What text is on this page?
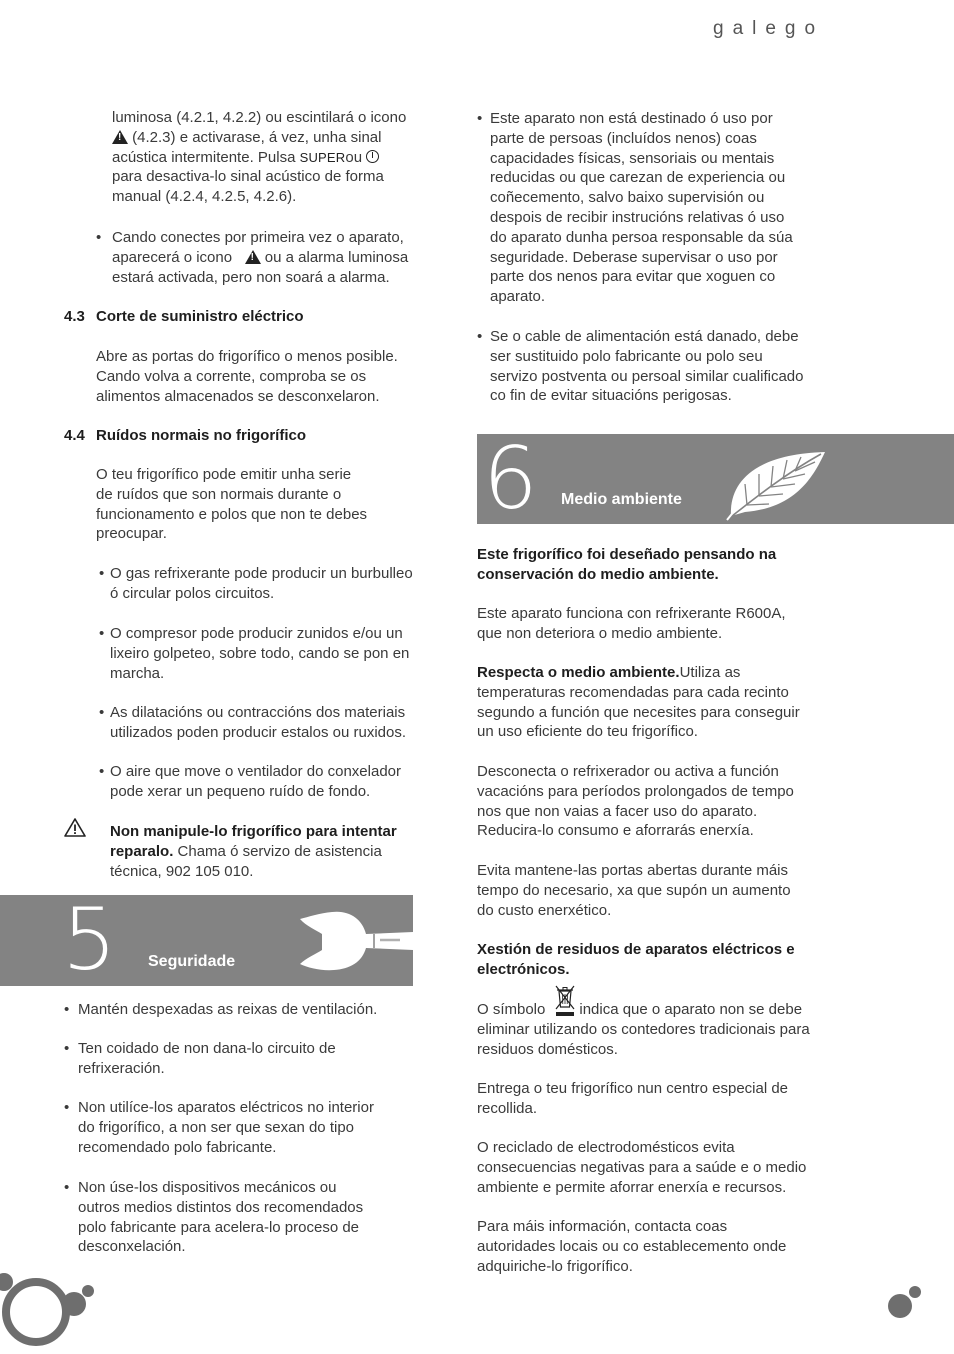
galego
luminosa (4.2.1, 4.2.2) ou escintilará o icono
! (4.2.3) e activarase, á vez, unha sinal
acústica intermitente. Pulsa SUPERou
para desactiva-lo sinal acústico de forma
manual (4.2.4, 4.2.5, 4.2.6).
• Cando conectes por primeira vez o aparato,
aparecerá o icono   ! ou a alarma luminosa
estará activada, pero non soará a alarma.
4.3 Corte de suministro eléctrico
Abre as portas do frigorífico o menos posible.
Cando volva a corrente, comproba se os
alimentos almacenados se desconxelaron.
4.4 Ruídos normais no frigorífico
O teu frigorífico pode emitir unha serie
de ruídos que son normais durante o
funcionamento e polos que non te debes
preocupar.
• O gas refrixerante pode producir un burbulleo
ó circular polos circuitos.
• O compresor pode producir zunidos e/ou un
lixeiro golpeteo, sobre todo, cando se pon en
marcha.
• As dilatacións ou contraccións dos materiais
utilizados poden producir estalos ou ruxidos.
• O aire que move o ventilador do conxelador
pode xerar un pequeno ruído de fondo.
Non manipule-lo frigorífico para intentar
reparalo. Chama ó servizo de asistencia
técnica, 902 105 010.
5 Seguridade
• Mantén despexadas as reixas de ventilación.
• Ten coidado de non dana-lo circuito de
refrixeración.
• Non utilíce-los aparatos eléctricos no interior
do frigorífico, a non ser que sexan do tipo
recomendado polo fabricante.
• Non úse-los dispositivos mecánicos ou
outros medios distintos dos recomendados
polo fabricante para acelera-lo proceso de
desconxelación.
• Este aparato non está destinado ó uso por
parte de persoas (incluídos nenos) coas
capacidades físicas, sensoriais ou mentais
reducidas ou que carezan de experiencia ou
coñecemento, salvo baixo supervisión ou
despois de recibir instrucións relativas ó uso
do aparato dunha persoa responsable da súa
seguridade. Deberase supervisar o uso por
parte dos nenos para evitar que xoguen co
aparato.
• Se o cable de alimentación está danado, debe
ser sustituido polo fabricante ou polo seu
servizo postventa ou persoal similar cualificado
co fin de evitar situacións perigosas.
6 Medio ambiente
Este frigorífico foi deseñado pensando na
conservación do medio ambiente.
Este aparato funciona con refrixerante R600A,
que non deteriora o medio ambiente.
Respecta o medio ambiente.Utiliza as
temperaturas recomendadas para cada recinto
segundo a función que necesites para conseguir
un uso eficiente do teu frigorífico.
Desconecta o refrixerador ou activa a función
vacacións para períodos prolongados de tempo
nos que non vaias a facer uso do aparato.
Reducira-lo consumo e aforrarás enerxía.
Evita mantene-las portas abertas durante máis
tempo do necesario, xa que supón un aumento
do custo enerxético.
Xestión de residuos de aparatos eléctricos e
electrónicos.
O símbolo indica que o aparato non se debe
eliminar utilizando os contedores tradicionais para
residuos domésticos.
Entrega o teu frigorífico nun centro especial de
recollida.
O reciclado de electrodomésticos evita
consecuencias negativas para a saúde e o medio
ambiente e permite aforrar enerxía e recursos.
Para máis información, contacta coas
autoridades locais ou co establecemento onde
adquiriche-lo frigorífico.
